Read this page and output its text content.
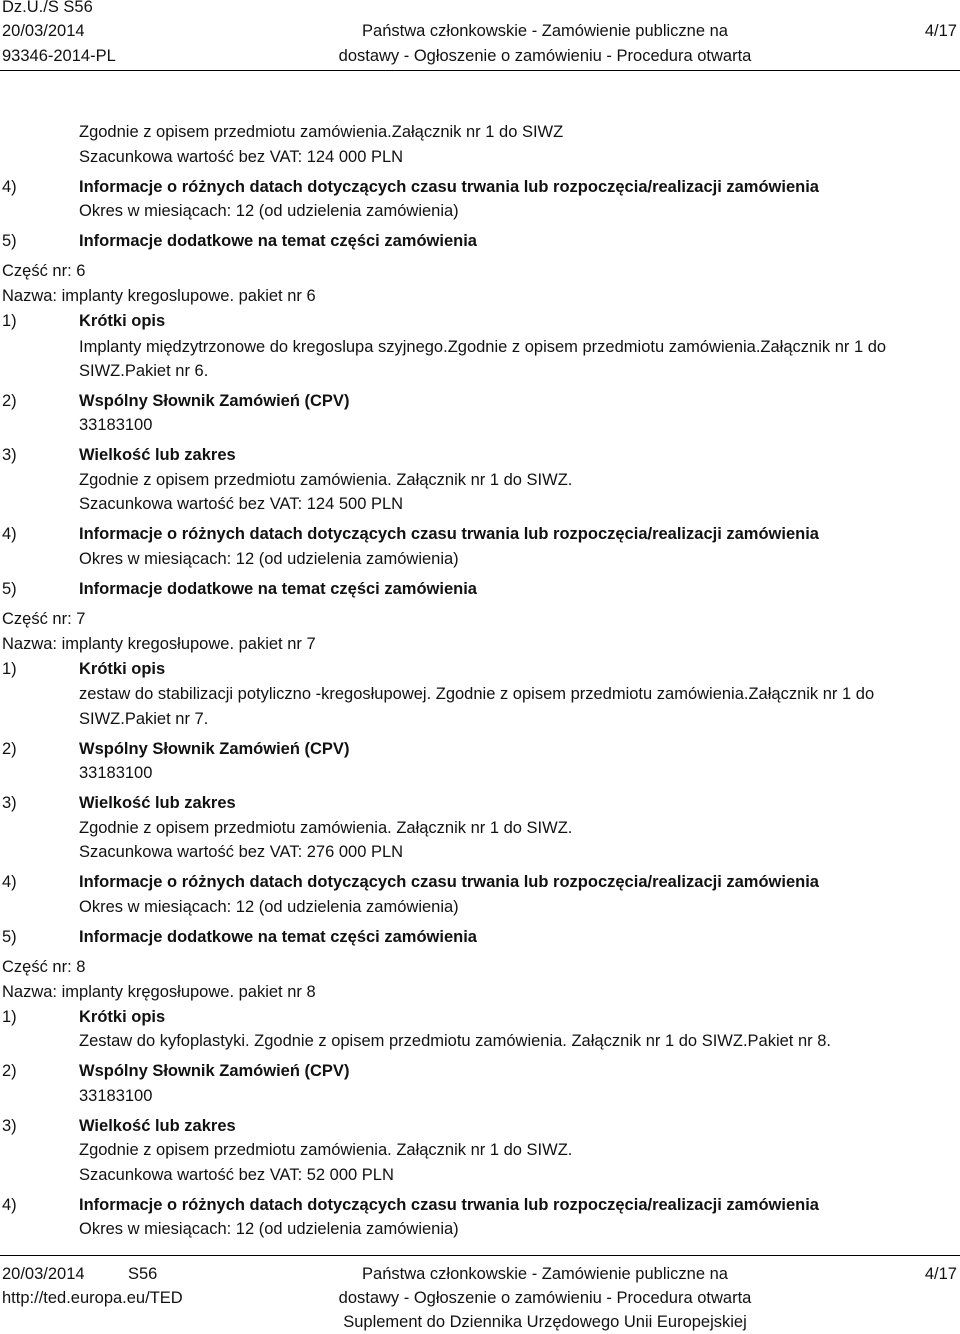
Dz.U./S S56
20/03/2014
93346-2014-PL
Państwa członkowskie - Zamówienie publiczne na
dostawy - Ogłoszenie o zamówieniu - Procedura otwarta
4/17
Zgodnie z opisem przedmiotu zamówienia.Załącznik nr 1 do SIWZ
Szacunkowa wartość bez VAT: 124 000 PLN
4)	Informacje o różnych datach dotyczących czasu trwania lub rozpoczęcia/realizacji zamówienia
Okres w miesiącach: 12 (od udzielenia zamówienia)
5)	Informacje dodatkowe na temat części zamówienia
Część nr: 6
Nazwa: implanty kregoslupowe. pakiet nr 6
1)	Krótki opis
Implanty międzytrzonowe do kregoslupa szyjnego.Zgodnie z opisem przedmiotu zamówienia.Załącznik nr 1 do
SIWZ.Pakiet nr 6.
2)	Wspólny Słownik Zamówień (CPV)
33183100
3)	Wielkość lub zakres
Zgodnie z opisem przedmiotu zamówienia. Załącznik nr 1 do SIWZ.
Szacunkowa wartość bez VAT: 124 500 PLN
4)	Informacje o różnych datach dotyczących czasu trwania lub rozpoczęcia/realizacji zamówienia
Okres w miesiącach: 12 (od udzielenia zamówienia)
5)	Informacje dodatkowe na temat części zamówienia
Część nr: 7
Nazwa: implanty kregosłupowe. pakiet nr 7
1)	Krótki opis
zestaw do stabilizacji potyliczno -kregosłupowej. Zgodnie z opisem przedmiotu zamówienia.Załącznik nr 1 do
SIWZ.Pakiet nr 7.
2)	Wspólny Słownik Zamówień (CPV)
33183100
3)	Wielkość lub zakres
Zgodnie z opisem przedmiotu zamówienia. Załącznik nr 1 do SIWZ.
Szacunkowa wartość bez VAT: 276 000 PLN
4)	Informacje o różnych datach dotyczących czasu trwania lub rozpoczęcia/realizacji zamówienia
Okres w miesiącach: 12 (od udzielenia zamówienia)
5)	Informacje dodatkowe na temat części zamówienia
Część nr: 8
Nazwa: implanty kręgosłupowe. pakiet nr 8
1)	Krótki opis
Zestaw do kyfoplastyki. Zgodnie z opisem przedmiotu zamówienia. Załącznik nr 1 do SIWZ.Pakiet nr 8.
2)	Wspólny Słownik Zamówień (CPV)
33183100
3)	Wielkość lub zakres
Zgodnie z opisem przedmiotu zamówienia. Załącznik nr 1 do SIWZ.
Szacunkowa wartość bez VAT: 52 000 PLN
4)	Informacje o różnych datach dotyczących czasu trwania lub rozpoczęcia/realizacji zamówienia
Okres w miesiącach: 12 (od udzielenia zamówienia)
20/03/2014	S56
http://ted.europa.eu/TED
Państwa członkowskie - Zamówienie publiczne na
dostawy - Ogłoszenie o zamówieniu - Procedura otwarta
Suplement do Dziennika Urzędowego Unii Europejskiej
4/17
